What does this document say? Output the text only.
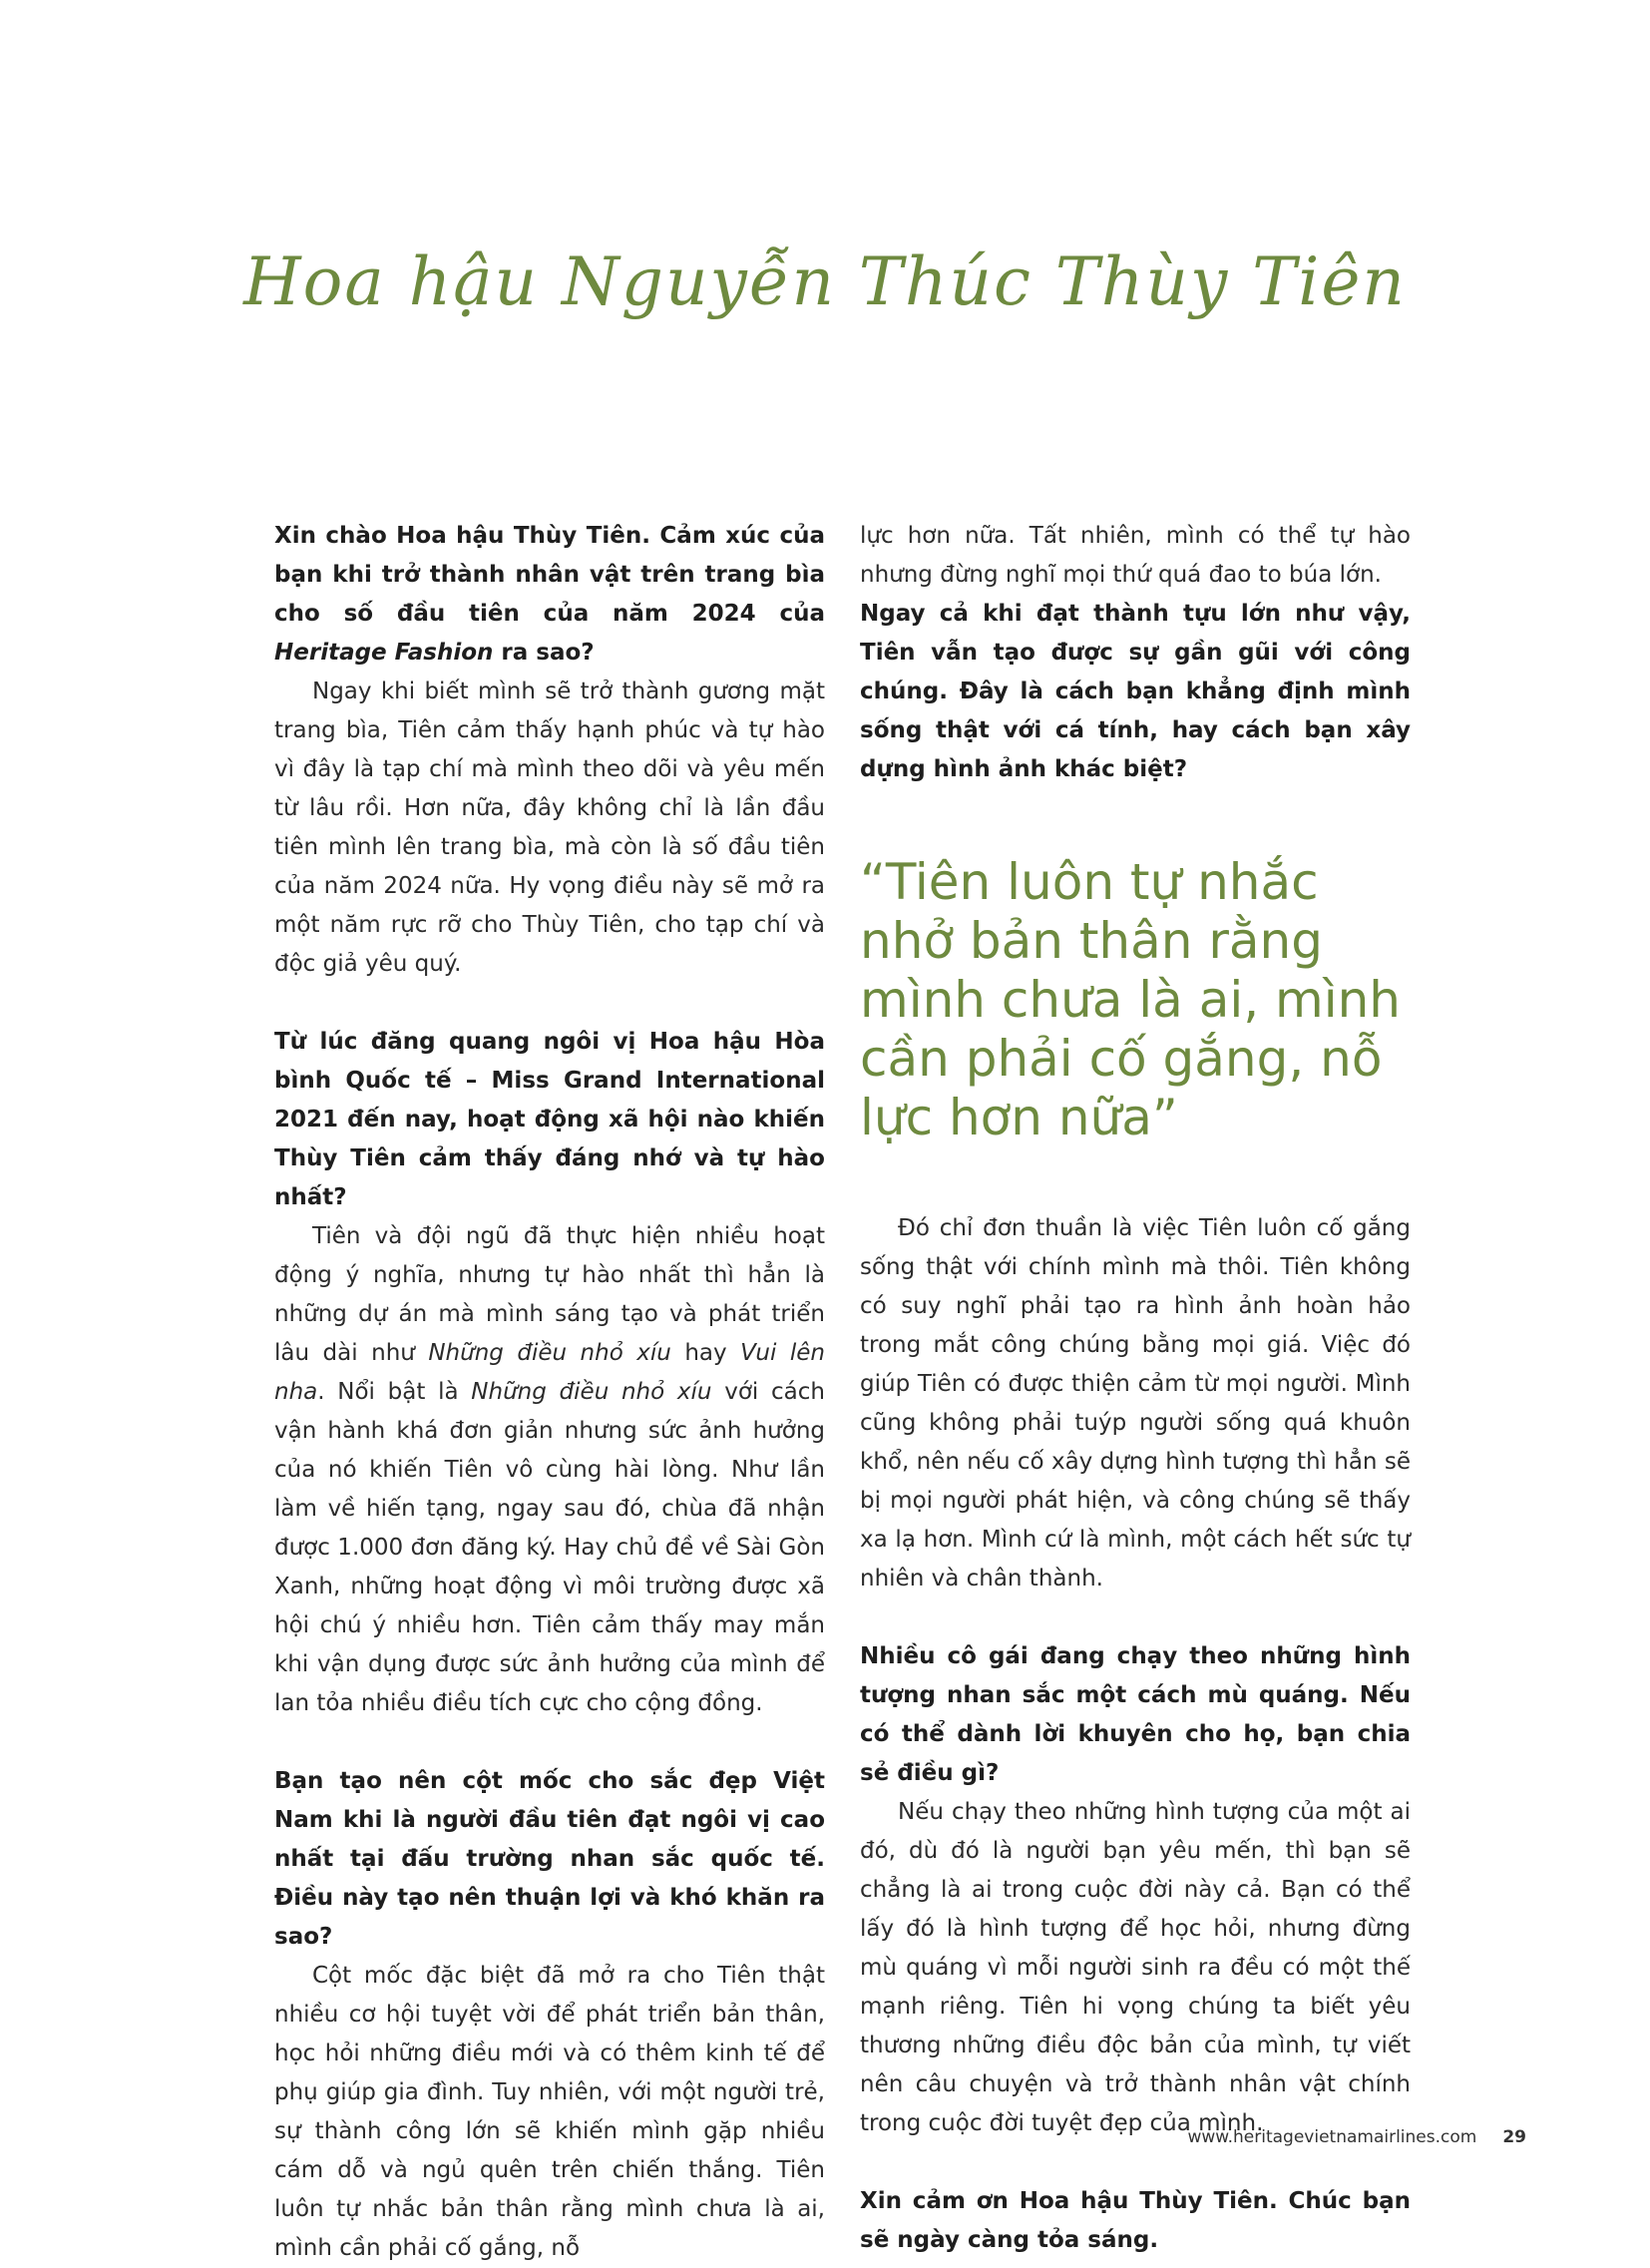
Hoa hậu Nguyễn Thúc Thùy Tiên

Xin chào Hoa hậu Thùy Tiên. Cảm xúc của bạn khi trở thành nhân vật trên trang bìa cho số đầu tiên của năm 2024 của Heritage Fashion ra sao?

Ngay khi biết mình sẽ trở thành gương mặt trang bìa, Tiên cảm thấy hạnh phúc và tự hào vì đây là tạp chí mà mình theo dõi và yêu mến từ lâu rồi. Hơn nữa, đây không chỉ là lần đầu tiên mình lên trang bìa, mà còn là số đầu tiên của năm 2024 nữa. Hy vọng điều này sẽ mở ra một năm rực rỡ cho Thùy Tiên, cho tạp chí và độc giả yêu quý.

Từ lúc đăng quang ngôi vị Hoa hậu Hòa bình Quốc tế – Miss Grand International 2021 đến nay, hoạt động xã hội nào khiến Thùy Tiên cảm thấy đáng nhớ và tự hào nhất?

Tiên và đội ngũ đã thực hiện nhiều hoạt động ý nghĩa, nhưng tự hào nhất thì hẳn là những dự án mà mình sáng tạo và phát triển lâu dài như Những điều nhỏ xíu hay Vui lên nha. Nổi bật là Những điều nhỏ xíu với cách vận hành khá đơn giản nhưng sức ảnh hưởng của nó khiến Tiên vô cùng hài lòng. Như lần làm về hiến tạng, ngay sau đó, chùa đã nhận được 1.000 đơn đăng ký. Hay chủ đề về Sài Gòn Xanh, những hoạt động vì môi trường được xã hội chú ý nhiều hơn. Tiên cảm thấy may mắn khi vận dụng được sức ảnh hưởng của mình để lan tỏa nhiều điều tích cực cho cộng đồng.

Bạn tạo nên cột mốc cho sắc đẹp Việt Nam khi là người đầu tiên đạt ngôi vị cao nhất tại đấu trường nhan sắc quốc tế. Điều này tạo nên thuận lợi và khó khăn ra sao?

Cột mốc đặc biệt đã mở ra cho Tiên thật nhiều cơ hội tuyệt vời để phát triển bản thân, học hỏi những điều mới và có thêm kinh tế để phụ giúp gia đình. Tuy nhiên, với một người trẻ, sự thành công lớn sẽ khiến mình gặp nhiều cám dỗ và ngủ quên trên chiến thắng. Tiên luôn tự nhắc bản thân rằng mình chưa là ai, mình cần phải cố gắng, nỗ

lực hơn nữa. Tất nhiên, mình có thể tự hào nhưng đừng nghĩ mọi thứ quá đao to búa lớn.

Ngay cả khi đạt thành tựu lớn như vậy, Tiên vẫn tạo được sự gần gũi với công chúng. Đây là cách bạn khẳng định mình sống thật với cá tính, hay cách bạn xây dựng hình ảnh khác biệt?

“Tiên luôn tự nhắc nhở bản thân rằng mình chưa là ai, mình cần phải cố gắng, nỗ lực hơn nữa”

Đó chỉ đơn thuần là việc Tiên luôn cố gắng sống thật với chính mình mà thôi. Tiên không có suy nghĩ phải tạo ra hình ảnh hoàn hảo trong mắt công chúng bằng mọi giá. Việc đó giúp Tiên có được thiện cảm từ mọi người. Mình cũng không phải tuýp người sống quá khuôn khổ, nên nếu cố xây dựng hình tượng thì hẳn sẽ bị mọi người phát hiện, và công chúng sẽ thấy xa lạ hơn. Mình cứ là mình, một cách hết sức tự nhiên và chân thành.

Nhiều cô gái đang chạy theo những hình tượng nhan sắc một cách mù quáng. Nếu có thể dành lời khuyên cho họ, bạn chia sẻ điều gì?

Nếu chạy theo những hình tượng của một ai đó, dù đó là người bạn yêu mến, thì bạn sẽ chẳng là ai trong cuộc đời này cả. Bạn có thể lấy đó là hình tượng để học hỏi, nhưng đừng mù quáng vì mỗi người sinh ra đều có một thế mạnh riêng. Tiên hi vọng chúng ta biết yêu thương những điều độc bản của mình, tự viết nên câu chuyện và trở thành nhân vật chính trong cuộc đời tuyệt đẹp của mình.

Xin cảm ơn Hoa hậu Thùy Tiên. Chúc bạn sẽ ngày càng tỏa sáng.

www.heritagevietnamairlines.com 29
